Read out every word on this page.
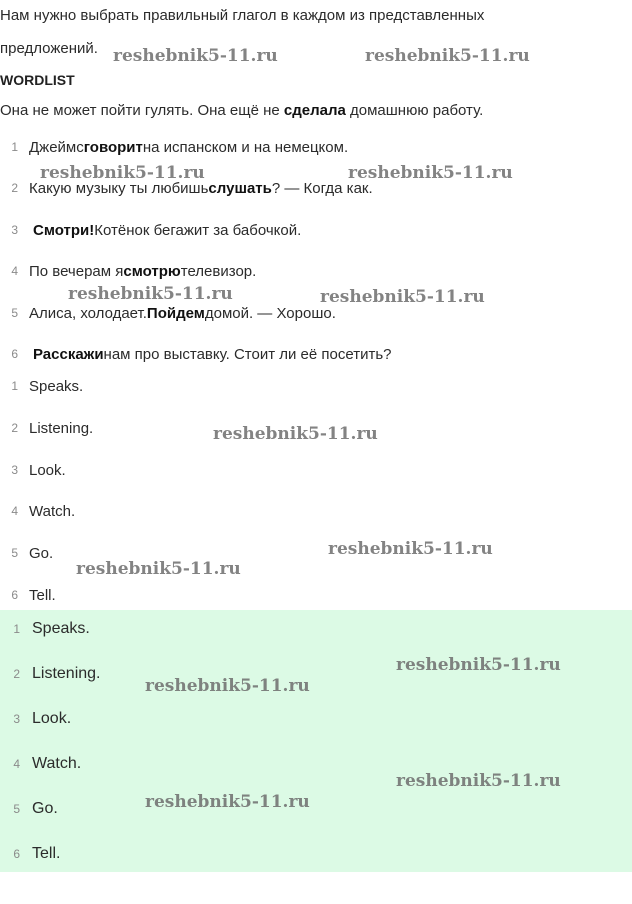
Нам нужно выбрать правильный глагол в каждом из представленных
предложений.
WORDLIST
Она не может пойти гулять. Она ещё не сделала домашнюю работу.
1 Джеймс говорит на испанском и на немецком.
2 Какую музыку ты любишь слушать ? — Когда как.
3 Смотри! Котёнок бегажит за бабочкой.
4 По вечерам я смотрю телевизор.
5 Алиса, холодает. Пойдем домой. — Хорошо.
6 Расскажи нам про выставку. Стоит ли её посетить?
1 Speaks.
2 Listening.
3 Look.
4 Watch.
5 Go.
6 Tell.
1 Speaks.
2 Listening.
3 Look.
4 Watch.
5 Go.
6 Tell.
reshebnik5-11.ru	reshebnik5-11.ru
reshebnik5-11.ru	reshebnik5-11.ru
reshebnik5-11.ru	reshebnik5-11.ru
reshebnik5-11.ru
reshebnik5-11.ru
reshebnik5-11.ru
reshebnik5-11.ru
reshebnik5-11.ru
reshebnik5-11.ru
reshebnik5-11.ru
